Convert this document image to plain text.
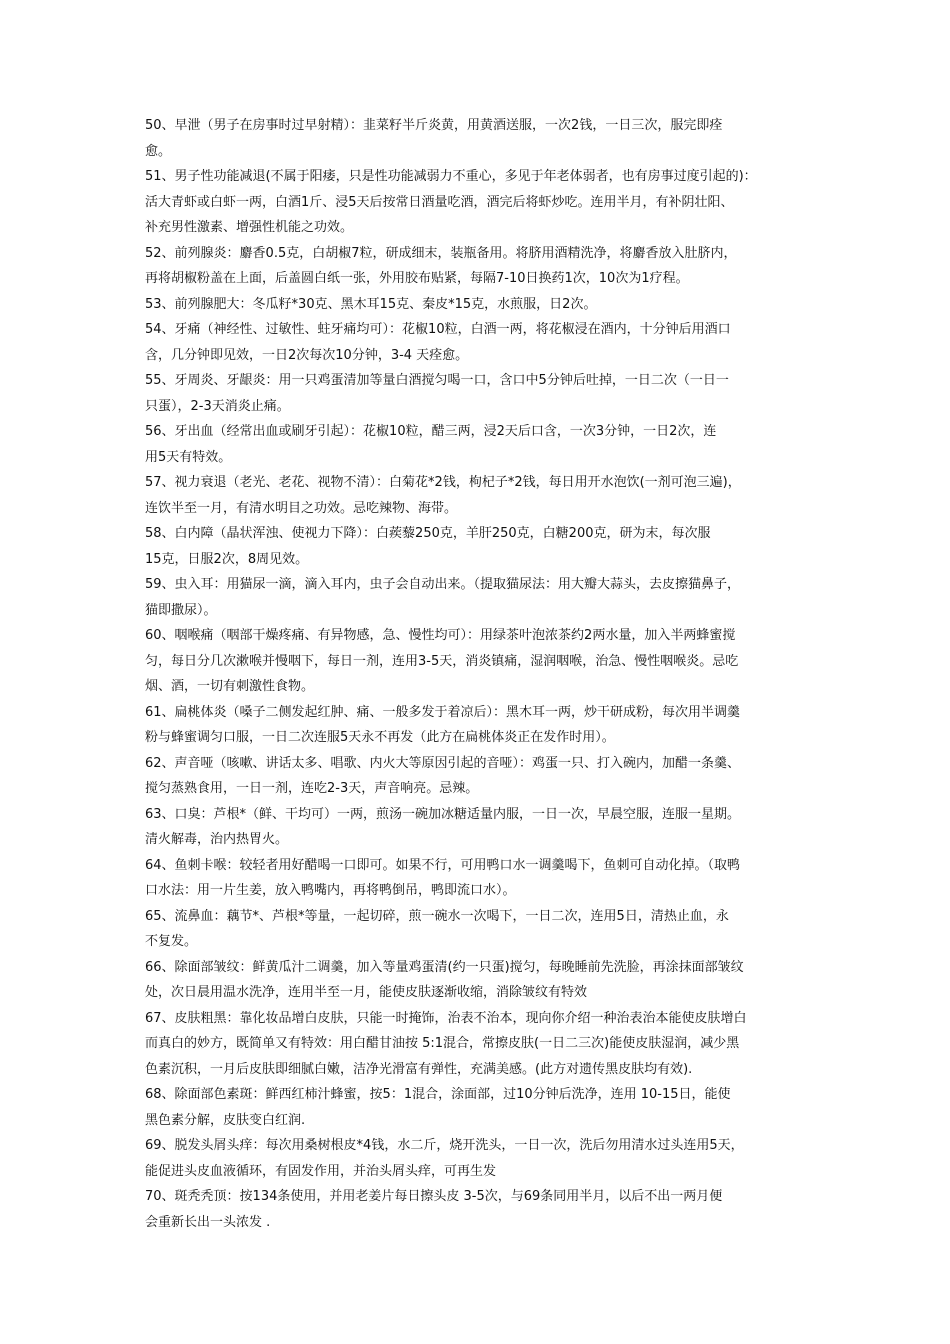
50、早泄（男子在房事时过早射精）：韭菜籽半斤炎黄，用黄酒送服，一次2钱，一日三次，服完即痊
愈。
51、男子性功能减退(不属于阳痿，只是性功能减弱力不重心，多见于年老体弱者，也有房事过度引起的)：
活大青虾或白虾一两，白酒1斤、浸5天后按常日酒量吃酒，酒完后将虾炒吃。连用半月，有补阴壮阳、
补充男性激素、增强性机能之功效。
52、前列腺炎：麝香0.5克，白胡椒7粒，研成细末，装瓶备用。将脐用酒精洗净，将麝香放入肚脐内，
再将胡椒粉盖在上面，后盖圆白纸一张，外用胶布贴紧，每隔7-10日换药1次，10次为1疗程。
53、前列腺肥大：冬瓜籽*30克、黑木耳15克、秦皮*15克，水煎服，日2次。
54、牙痛（神经性、过敏性、蛀牙痛均可）：花椒10粒，白酒一两，将花椒浸在酒内，十分钟后用酒口
含，几分钟即见效，一日2次每次10分钟，3-4 天痊愈。
55、牙周炎、牙龈炎：用一只鸡蛋清加等量白酒搅匀喝一口，含口中5分钟后吐掉，一日二次（一日一
只蛋），2-3天消炎止痛。
56、牙出血（经常出血或刷牙引起）：花椒10粒，醋三两，浸2天后口含，一次3分钟，一日2次，连
用5天有特效。
57、视力衰退（老光、老花、视物不清）：白菊花*2钱，枸杞子*2钱，每日用开水泡饮(一剂可泡三遍)，
连饮半至一月，有清水明目之功效。忌吃辣物、海带。
58、白内障（晶状浑浊、使视力下降）：白蒺藜250克，羊肝250克，白糖200克，研为末，每次服
15克，日服2次，8周见效。
59、虫入耳：用猫尿一滴，滴入耳内，虫子会自动出来。（提取猫尿法：用大瓣大蒜头，去皮擦猫鼻子，
猫即撒尿）。
60、咽喉痛（咽部干燥疼痛、有异物感，急、慢性均可）：用绿茶叶泡浓茶约2两水量，加入半两蜂蜜搅
匀，每日分几次漱喉并慢咽下，每日一剂，连用3-5天，消炎镇痛，湿润咽喉，治急、慢性咽喉炎。忌吃
烟、酒，一切有刺激性食物。
61、扁桃体炎（嗓子二侧发起红肿、痛、一般多发于着凉后）：黑木耳一两，炒干研成粉，每次用半调羹
粉与蜂蜜调匀口服，一日二次连服5天永不再发（此方在扁桃体炎正在发作时用）。
62、声音哑（咳嗽、讲话太多、唱歌、内火大等原因引起的音哑）：鸡蛋一只、打入碗内，加醋一条羹、
搅匀蒸熟食用，一日一剂，连吃2-3天，声音响亮。忌辣。
63、口臭：芦根*（鲜、干均可）一两，煎汤一碗加冰糖适量内服，一日一次，早晨空服，连服一星期。
清火解毒，治内热胃火。
64、鱼刺卡喉：较轻者用好醋喝一口即可。如果不行，可用鸭口水一调羹喝下，鱼刺可自动化掉。（取鸭
口水法：用一片生姜，放入鸭嘴内，再将鸭倒吊，鸭即流口水）。
65、流鼻血：藕节*、芦根*等量，一起切碎，煎一碗水一次喝下，一日二次，连用5日，清热止血，永
不复发。
66、除面部皱纹：鲜黄瓜汁二调羹，加入等量鸡蛋清(约一只蛋)搅匀，每晚睡前先洗脸，再涂抹面部皱纹
处，次日晨用温水洗净，连用半至一月，能使皮肤逐渐收缩，消除皱纹有特效
67、皮肤粗黑：靠化妆品增白皮肤，只能一时掩饰，治表不治本，现向你介绍一种治表治本能使皮肤增白
而真白的妙方，既简单又有特效：用白醋甘油按 5:1混合，常擦皮肤(一日二三次)能使皮肤湿润，减少黑
色素沉积，一月后皮肤即细腻白嫩，洁净光滑富有弹性，充满美感。(此方对遗传黑皮肤均有效).
68、除面部色素斑：鲜西红柿汁蜂蜜，按5：1混合，涂面部，过10分钟后洗净，连用 10-15日，能使
黑色素分解，皮肤变白红润.
69、脱发头屑头痒：每次用桑树根皮*4钱，水二斤，烧开洗头，一日一次，洗后勿用清水过头连用5天，
能促进头皮血液循环，有固发作用，并治头屑头痒，可再生发
70、斑秃秃顶：按134条使用，并用老姜片每日擦头皮 3-5次，与69条同用半月，以后不出一两月便
会重新长出一头浓发 .
